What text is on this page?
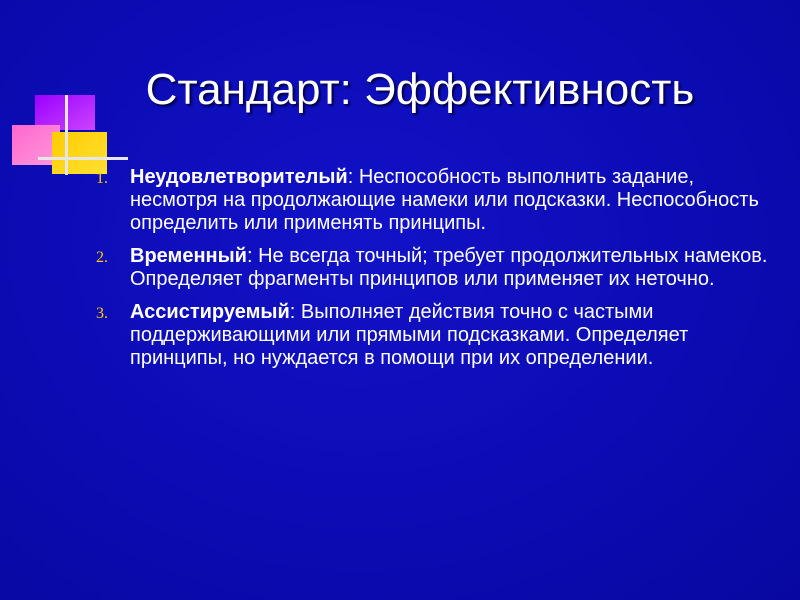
Стандарт: Эффективность
1. Неудовлетворителый: Неспособность выполнить задание, несмотря на продолжающие намеки или подсказки. Неспособность определить или применять принципы.
2. Временный: Не всегда точный; требует продолжительных намеков. Определяет фрагменты принципов или применяет их неточно.
3. Ассистируемый: Выполняет действия точно с частыми поддерживающими или прямыми подсказками. Определяет принципы, но нуждается в помощи при их определении.
